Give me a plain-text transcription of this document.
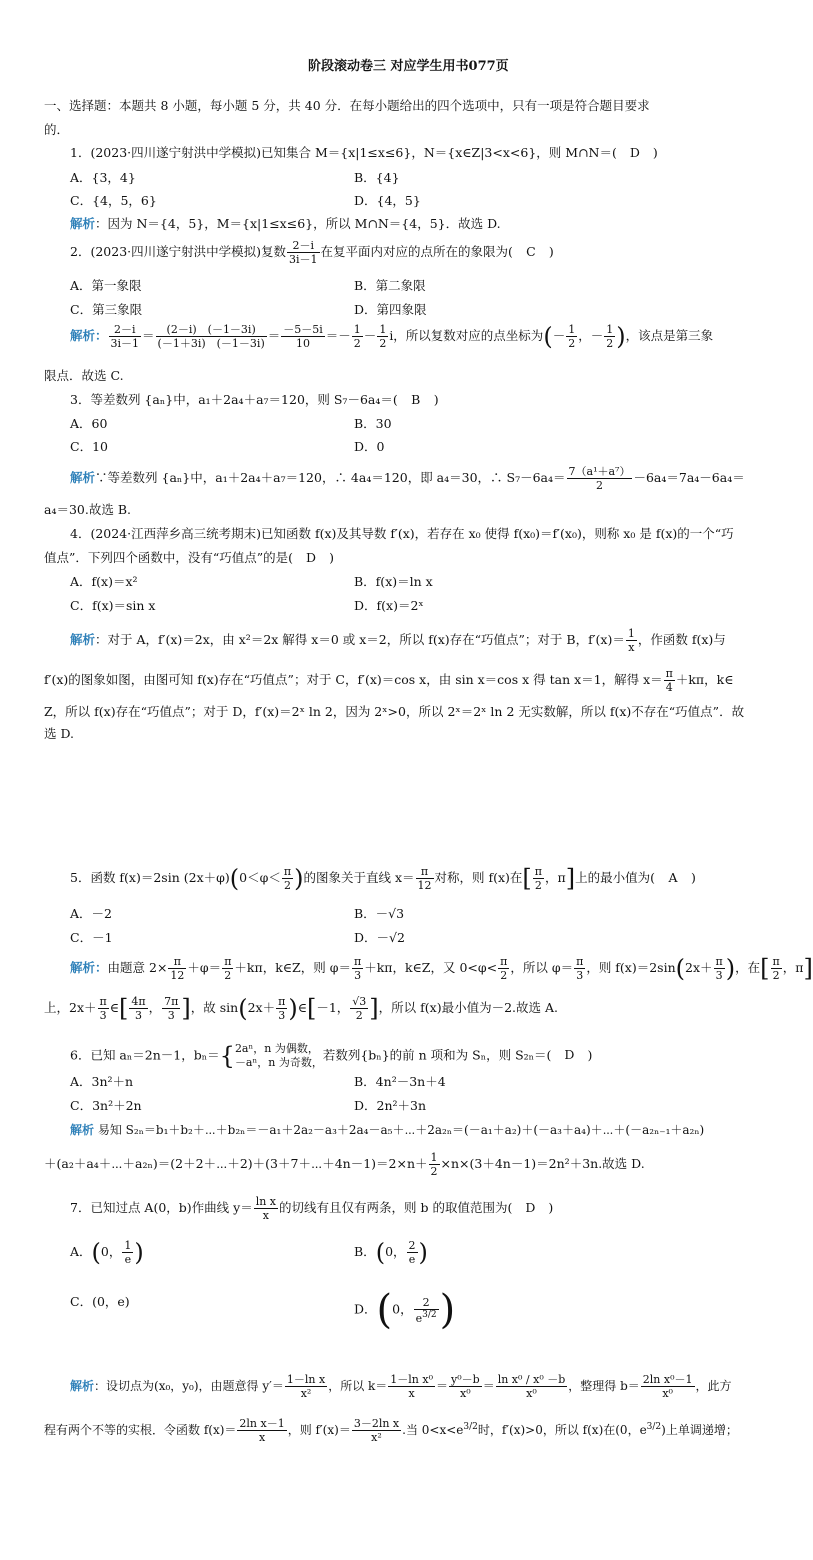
阶段滚动卷三 对应学生用书077页
一、选择题：本题共 8 小题，每小题 5 分，共 40 分．在每小题给出的四个选项中，只有一项是符合题目要求
的．
1．(2023·四川遂宁射洪中学模拟)已知集合 M＝{x|1≤x≤6}，N＝{x∈Z|3<x<6}，则 M∩N＝( D )
A．{3，4}	B．{4}
C．{4，5，6}	D．{4，5}
解析：因为 N＝{4，5}，M＝{x|1≤x≤6}，所以 M∩N＝{4，5}．故选 D.
2．(2023·四川遂宁射洪中学模拟)复数 $\frac{2-i}{3i-1}$ 在复平面内对应的点所在的象限为( C )
A．第一象限	B．第二象限
C．第三象限	D．第四象限
解析： $\frac{2-i}{3i-1} = \frac{(2-i) (-1-3i)}{(-1+3i) (-1-3i)} = \frac{-5-5i}{10} =- \frac{1}{2} - \frac{1}{2}$ i，所以复数对应的点坐标为(－ $\frac{1}{2}$ ，－ $\frac{1}{2}$ )，该点是第三象
限点．故选 C.
3．等差数列 {aₙ}中，a₁＋2a₄＋a₇＝120，则 S₇－6a₄＝( B )
A．60	B．30
C．10	D．0
解析∵等差数列 {aₙ}中，a₁＋2a₄＋a₇＝120，∴ 4a₄＝120，即 a₄＝30，∴ $S_7-6a_4= \frac{\text{7（a¹＋a⁷）}}{2} -6a_4=7a_4-6a_4=$
a₄＝30.故选 B.
4．(2024·江西萍乡高三统考期末)已知函数 f(x)及其导数 f′(x)，若存在 x₀ 使得 f(x₀)＝f′(x₀)，则称 x₀ 是 f(x)的一个“巧
值点”．下列四个函数中，没有“巧值点”的是( D )
A．f(x)＝x²	B．f(x)＝ln x
C．f(x)＝sin x	D．f(x)＝2ˣ
解析：对于 A，f′(x)＝2x，由 x²＝2x 解得 x＝0 或 x＝2，所以 f(x)存在“巧值点”；对于 B，$f'(x)= \frac{1}{x}$ ，作函数 f(x)与
f′(x)的图象如图，由图可知 f(x)存在“巧值点”；对于 C，f′(x)＝cos x，由 sin x＝cos x 得 tan x＝1，解得 $x= \frac{\pi}{4} +k\pi$，k∈
Z，所以 f(x)存在“巧值点”；对于 D，f′(x)＝2ˣ ln 2，因为 2ˣ>0，所以 2ˣ＝2ˣ ln 2 无实数解，所以 f(x)不存在“巧值点”．故
选 D.
5．函数 f(x)＝2sin $(2x+\varphi)(0<\varphi< \frac{\pi}{2}$ )的图象关于直线 $x= \frac{\pi}{12}$ 对称，则 f(x)在[ $\frac{\pi}{2}$ ，π]上的最小值为( A )
A．－2	B．－√3
C．－1	D．－√2
解析：由题意 $2\times \frac{\pi}{12} +\varphi= \frac{\pi}{2} +k\pi$，k∈Z，则 $\varphi= \frac{\pi}{3} +k\pi$，k∈Z，又 $0<\varphi< \frac{\pi}{2}$ ，所以 $\varphi= \frac{\pi}{3}$ ，则 $f(x)=2\sin(2x+ \frac{\pi}{3}$ )，在[ $\frac{\pi}{2}$ ，π]
上，$2x+ \frac{\pi}{3}$ ∈[ $\frac{4\pi}{3}$ ， $\frac{7\pi}{3}$ ]，故 $\sin(2x+ \frac{\pi}{3}$ )∈[－1， $\frac{√3}{2}$ ]，所以 f(x)最小值为－2.故选 A.
6．已知 aₙ＝2n－1，bₙ＝{ 2aⁿ，n 为偶数，
－aⁿ，n 为奇数， 若数列{bₙ}的前 n 项和为 Sₙ，则 S₂ₙ＝( D )
A．3n²＋n	B．4n²－3n＋4
C．3n²＋2n	D．2n²＋3n
解析 易知 S₂ₙ＝b₁＋b₂＋⋯＋b₂ₙ＝－a₁＋2a₂－a₃＋2a₄－a₅＋⋯＋2a₂ₙ＝(－a₁＋a₂)＋(－a₃＋a₄)＋⋯＋(－a₂ₙ₋₁＋a₂ₙ)
＋(a₂＋a₄＋⋯＋a₂ₙ)＝(2＋2＋⋯＋2)＋(3＋7＋⋯＋4n－1)＝2×n＋ $\frac{1}{2} \times n\times(3+4n-1)=2n^2+3n$.故选 D.
7．已知过点 A(0，b)作曲线 $y= \frac{\text{ln x}}{x}$ 的切线有且仅有两条，则 b 的取值范围为( D )
A．(0， $\frac{1}{e}$ )	B．(0， $\frac{2}{e}$ )
C．(0，e)	D．(0， $\frac{2}{e^{3/2}}$ )
解析：设切点为(x₀，y₀)，由题意得 $y'= \frac{\text{1－ln x}}{\text{x²}}$ ，所以 $k= \frac{\text{1－ln x⁰}}{x} = \frac{\text{y⁰－b}}{\text{x⁰}} = \frac{\text{ln x⁰ / x⁰ －b}}{\text{x⁰}}$ ，整理得 $b= \frac{\text{2ln x⁰－1}}{\text{x⁰}}$ ，此方
程有两个不等的实根．令函数 $f(x)= \frac{\text{2ln x－1}}{x}$ ，则 $f'(x)= \frac{\text{3－2ln x}}{\text{x²}}$ .当 $0<x<e^{3/2}$时，f′(x)>0，所以 f(x)在(0，$e^{3/2}$)上单调递增；
